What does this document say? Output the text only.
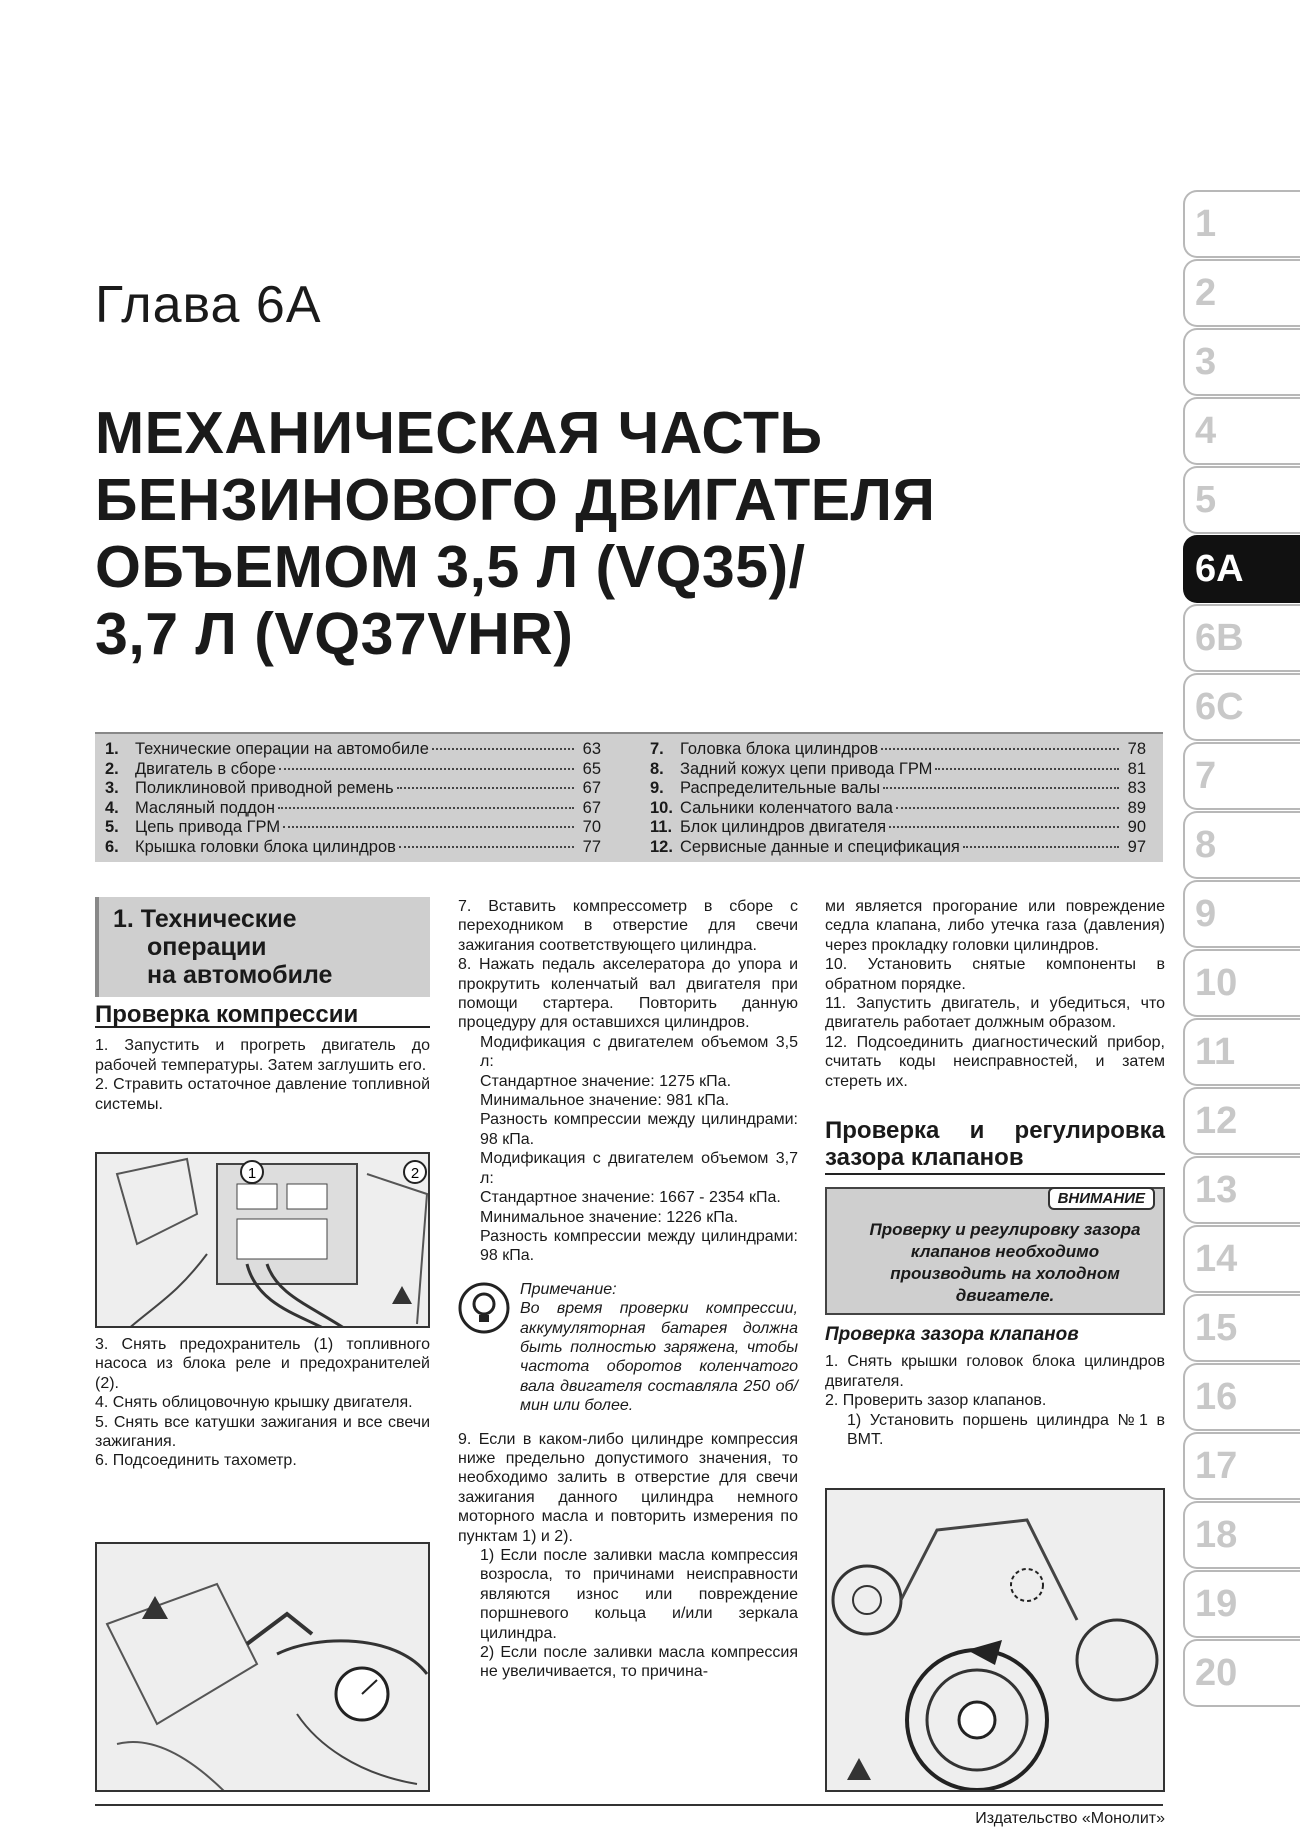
Глава 6А
МЕХАНИЧЕСКАЯ ЧАСТЬ
БЕНЗИНОВОГО ДВИГАТЕЛЯ
ОБЪЕМОМ 3,5 Л (VQ35)/
3,7 Л (VQ37VHR)
1
2
3
4
5
6А
6В
6С
7
8
9
10
11
12
13
14
15
16
17
18
19
20
1. Технические операции на автомобиле	63
2. Двигатель в сборе	65
3. Поликлиновой приводной ремень	67
4. Масляный поддон	67
5. Цепь привода ГРМ	70
6. Крышка головки блока цилиндров	77
7. Головка блока цилиндров	78
8. Задний кожух цепи привода ГРМ	81
9. Распределительные валы	83
10. Сальники коленчатого вала	89
11. Блок цилиндров двигателя	90
12. Сервисные данные и спецификация	97
1. Технические
операции
на автомобиле
Проверка компрессии

1. Запустить и прогреть двигатель до рабочей температуры. Затем заглушить его.

2. Стравить остаточное давление топливной системы.

1	2

3. Снять предохранитель (1) топливного насоса из блока реле и предохранителей (2).

4. Снять облицовочную крышку двигателя.

5. Снять все катушки зажигания и все свечи зажигания.

6. Подсоединить тахометр.

7. Вставить компрессометр в сборе с переходником в отверстие для свечи зажигания соответствующего цилиндра.

8. Нажать педаль акселератора до упора и прокрутить коленчатый вал двигателя при помощи стартера. Повторить данную процедуру для оставшихся цилиндров.

Модификация с двигателем объемом 3,5 л:

Стандартное значение: 1275 кПа.

Минимальное значение: 981 кПа.

Разность компрессии между цилиндрами: 98 кПа.

Модификация с двигателем объемом 3,7 л:

Стандартное значение: 1667 - 2354 кПа.

Минимальное значение: 1226 кПа.

Разность компрессии между цилиндрами: 98 кПа.

Примечание:

Во время проверки компрессии, аккумуляторная батарея должна быть полностью заряжена, чтобы частота оборотов коленчатого вала двигателя составляла 250 об/мин или более.

9. Если в каком-либо цилиндре компрессия ниже предельно допустимого значения, то необходимо залить в отверстие для свечи зажигания данного цилиндра немного моторного масла и повторить измерения по пунктам 1) и 2).

1) Если после заливки масла компрессия возросла, то причинами неисправности являются износ или повреждение поршневого кольца и/или зеркала цилиндра.

2) Если после заливки масла компрессия не увеличивается, то причина-

ми является прогорание или повреждение седла клапана, либо утечка газа (давления) через прокладку головки цилиндров.

10. Установить снятые компоненты в обратном порядке.

11. Запустить двигатель, и убедиться, что двигатель работает должным образом.

12. Подсоединить диагностический прибор, считать коды неисправностей, и затем стереть их.

Проверка и регулировка зазора клапанов
ВНИМАНИЕ
Проверку и регулировку зазора клапанов необходимо производить на холодном двигателе.
Проверка зазора клапанов

1. Снять крышки головок блока цилиндров двигателя.

2. Проверить зазор клапанов.

1) Установить поршень цилиндра №1 в ВМТ.

Издательство «Монолит»
